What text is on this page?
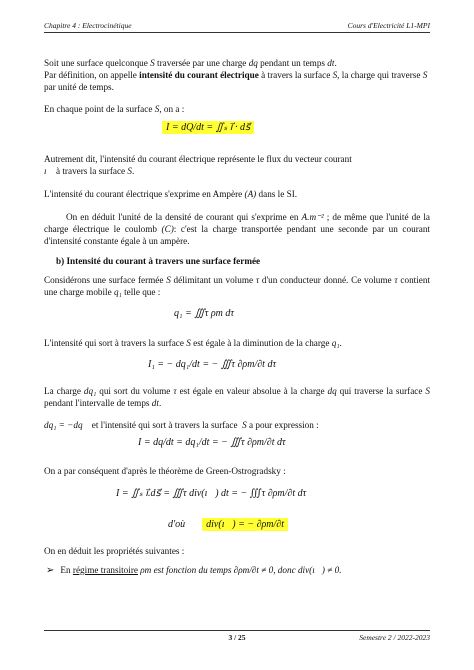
Chapitre 4 : Electrocinétique	Cours d'Electricité L1-MPI
Soit une surface quelconque S traversée par une charge dq pendant un temps dt.
Par définition, on appelle intensité du courant électrique à travers la surface S, la charge qui traverse S par unité de temps.
En chaque point de la surface S, on a :
I = dQ/dt = ∬ₛ ı⃗ · ds⃗
Autrement dit, l'intensité du courant électrique représente le flux du vecteur courant
ı⃗ à travers la surface S.
L'intensité du courant électrique s'exprime en Ampère (A) dans le SI.
On en déduit l'unité de la densité de courant qui s'exprime en A.m⁻² ; de même que l'unité de la charge électrique le coulomb (C): c'est la charge transportée pendant une seconde par un courant d'intensité constante égale à un ampère.
b) Intensité du courant à travers une surface fermée
Considérons une surface fermée S délimitant un volume τ d'un conducteur donné. Ce volume τ contient une charge mobile q₁ telle que :
q₁ = ∭τ ρm dτ
L'intensité qui sort à travers la surface S est égale à la diminution de la charge q₁.
I₁ = − dq₁/dt = − ∭τ ∂ρm/∂t dτ
La charge dq₁ qui sort du volume τ est égale en valeur absolue à la charge dq qui traverse la surface S pendant l'intervalle de temps dt.
dq₁ = −dq    et l'intensité qui sort à travers la surface  S a pour expression :
I = dq/dt = dq₁/dt = − ∭τ ∂ρm/∂t dτ
On a par conséquent d'après le théorème de Green-Ostrogradsky :
I = ∬ₛ ı⃗.ds⃗ = ∭τ div(ı⃗) dt = − ∭τ ∂ρm/∂t dτ
d'où div(ı⃗) = − ∂ρm/∂t
On en déduit les propriétés suivantes :
➢ En régime transitoire ρm est fonction du temps ∂ρm/∂t ≠ 0, donc div(ı⃗) ≠ 0.
3 / 25	Semestre 2 / 2022-2023
